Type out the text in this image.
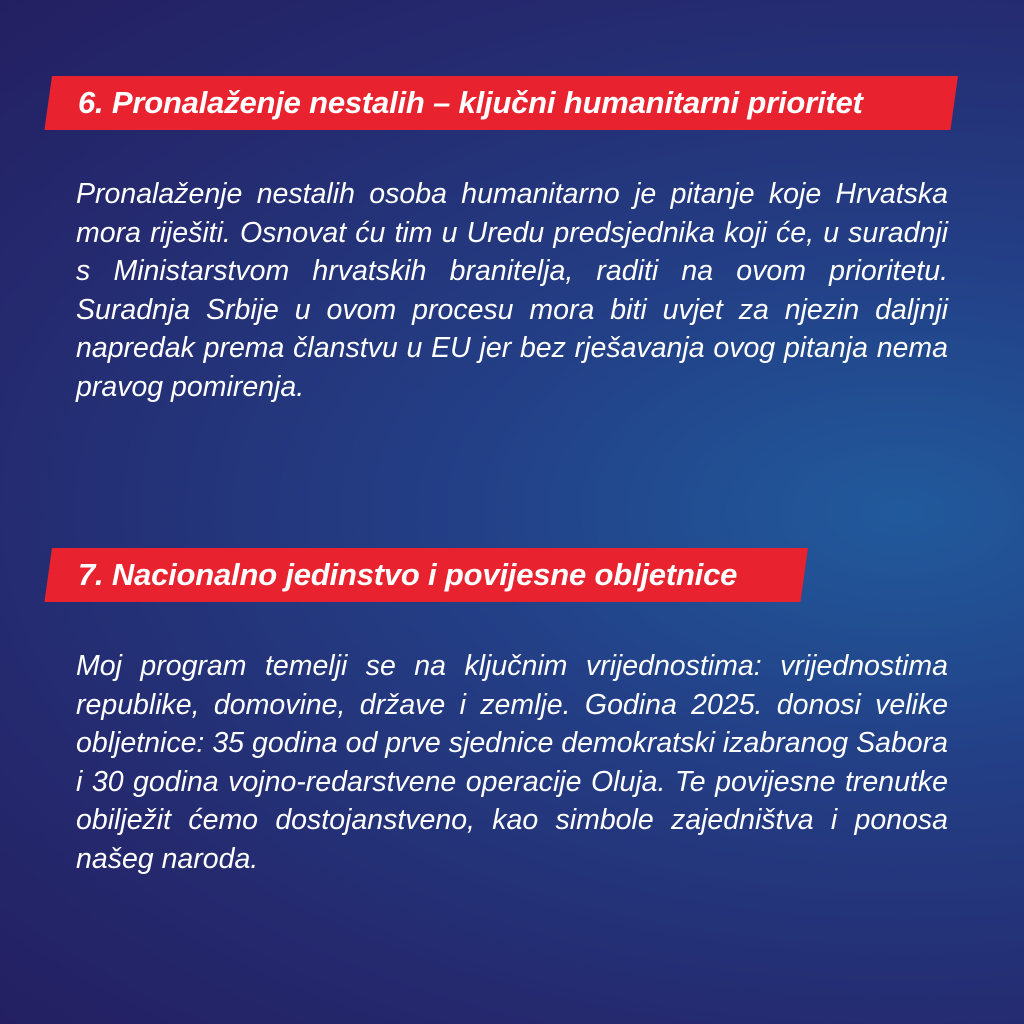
6. Pronalaženje nestalih – ključni humanitarni prioritet

Pronalaženje nestalih osoba humanitarno je pitanje koje Hrvatska mora riješiti. Osnovat ću tim u Uredu predsjednika koji će, u suradnji s Ministarstvom hrvatskih branitelja, raditi na ovom prioritetu. Suradnja Srbije u ovom procesu mora biti uvjet za njezin daljnji napredak prema članstvu u EU jer bez rješavanja ovog pitanja nema pravog pomirenja.

7. Nacionalno jedinstvo i povijesne obljetnice

Moj program temelji se na ključnim vrijednostima: vrijednostima republike, domovine, države i zemlje. Godina 2025. donosi velike obljetnice: 35 godina od prve sjednice demokratski izabranog Sabora i 30 godina vojno-redarstvene operacije Oluja. Te povijesne trenutke obilježit ćemo dostojanstveno, kao simbole zajedništva i ponosa našeg naroda.
